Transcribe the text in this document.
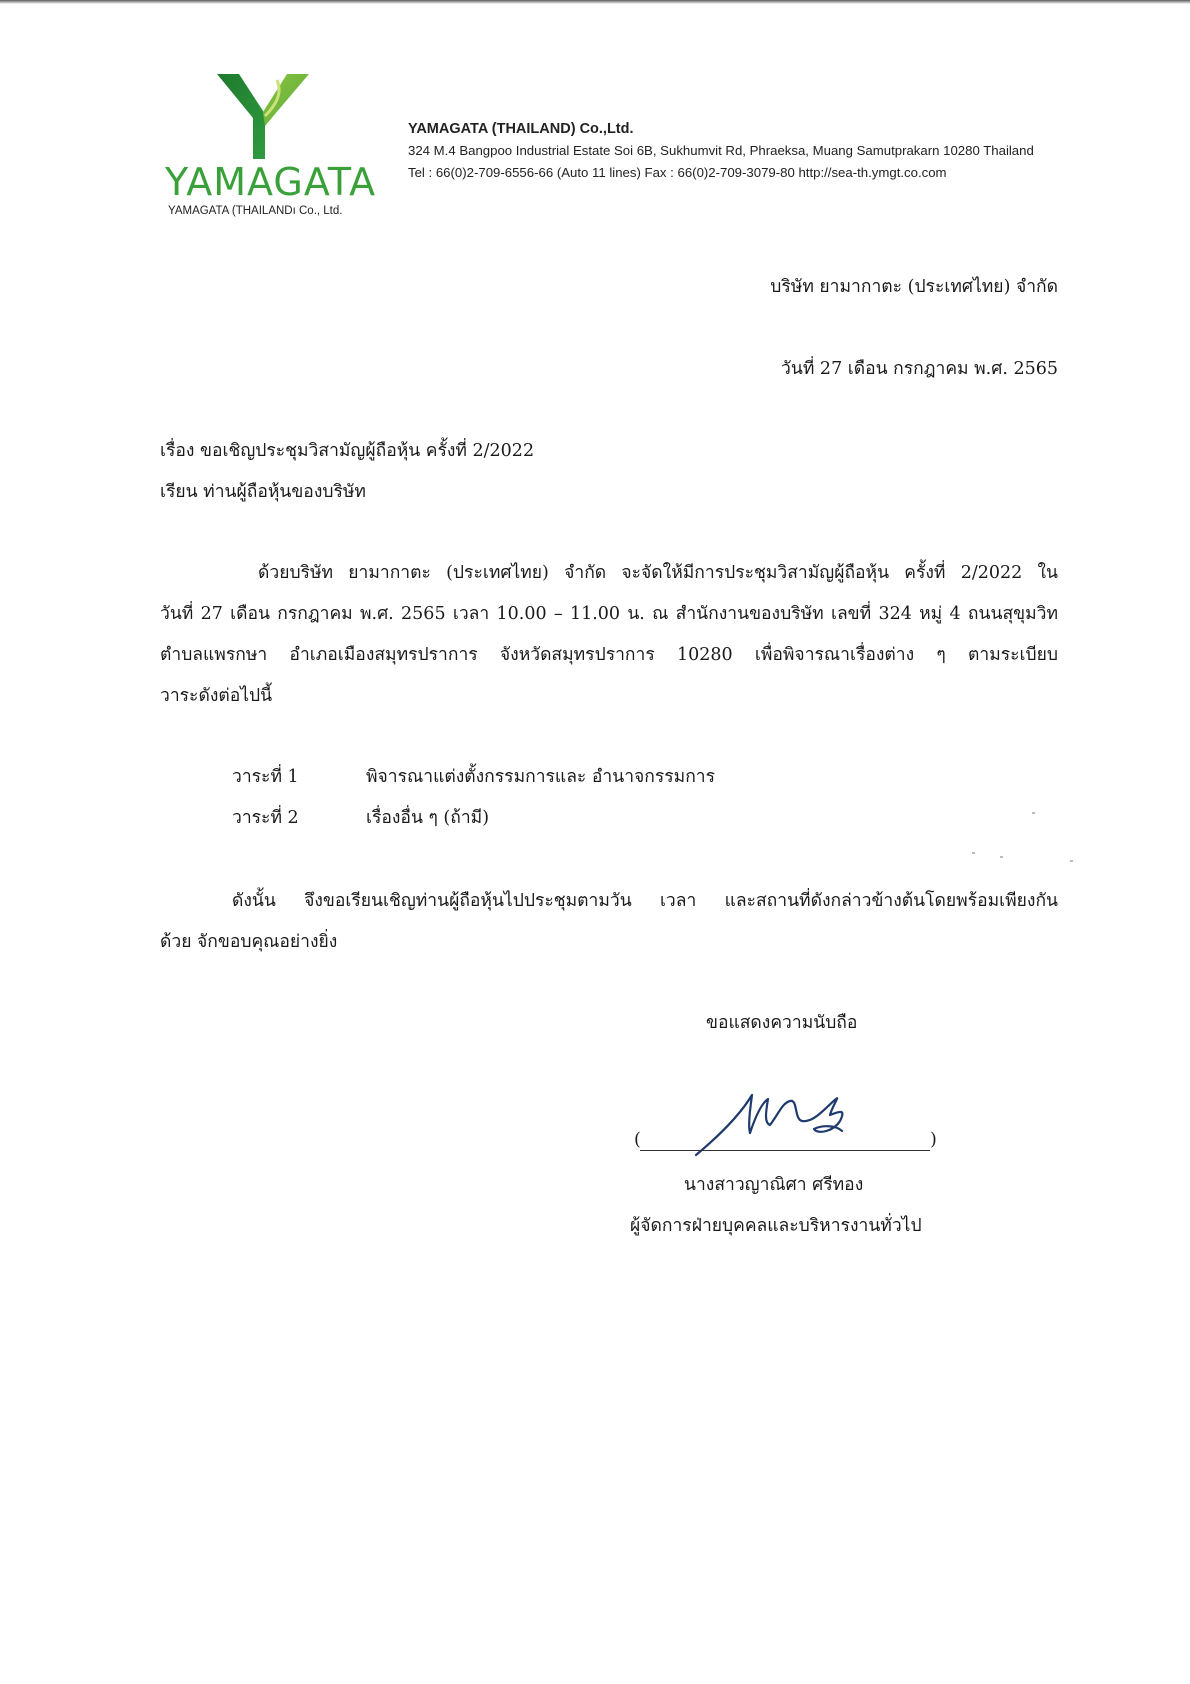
YAMAGATA
YAMAGATA (THAILANDı Co., Ltd.
YAMAGATA (THAILAND) Co.,Ltd.
324 M.4 Bangpoo Industrial Estate Soi 6B, Sukhumvit Rd, Phraeksa, Muang Samutprakarn 10280 Thailand
Tel : 66(0)2-709-6556-66 (Auto 11 lines) Fax : 66(0)2-709-3079-80 http://sea-th.ymgt.co.com
บริษัท ยามากาตะ (ประเทศไทย) จำกัด
วันที่ 27 เดือน กรกฎาคม พ.ศ. 2565
เรื่อง ขอเชิญประชุมวิสามัญผู้ถือหุ้น ครั้งที่ 2/2022
เรียน ท่านผู้ถือหุ้นของบริษัท
ด้วยบริษัท ยามากาตะ (ประเทศไทย) จำกัด จะจัดให้มีการประชุมวิสามัญผู้ถือหุ้น ครั้งที่ 2/2022 ใน
วันที่ 27 เดือน กรกฎาคม พ.ศ. 2565 เวลา 10.00 – 11.00 น. ณ สำนักงานของบริษัท เลขที่ 324 หมู่ 4 ถนนสุขุมวิท
ตำบลแพรกษา อำเภอเมืองสมุทรปราการ จังหวัดสมุทรปราการ 10280 เพื่อพิจารณาเรื่องต่าง ๆ ตามระเบียบ
วาระดังต่อไปนี้
วาระที่ 1	พิจารณาแต่งตั้งกรรมการและ อำนาจกรรมการ
วาระที่ 2	เรื่องอื่น ๆ (ถ้ามี)
ดังนั้น จึงขอเรียนเชิญท่านผู้ถือหุ้นไปประชุมตามวัน เวลา และสถานที่ดังกล่าวข้างต้นโดยพร้อมเพียงกัน
ด้วย จักขอบคุณอย่างยิ่ง
ขอแสดงความนับถือ
(	)
นางสาวญาณิศา ศรีทอง
ผู้จัดการฝ่ายบุคคลและบริหารงานทั่วไป
